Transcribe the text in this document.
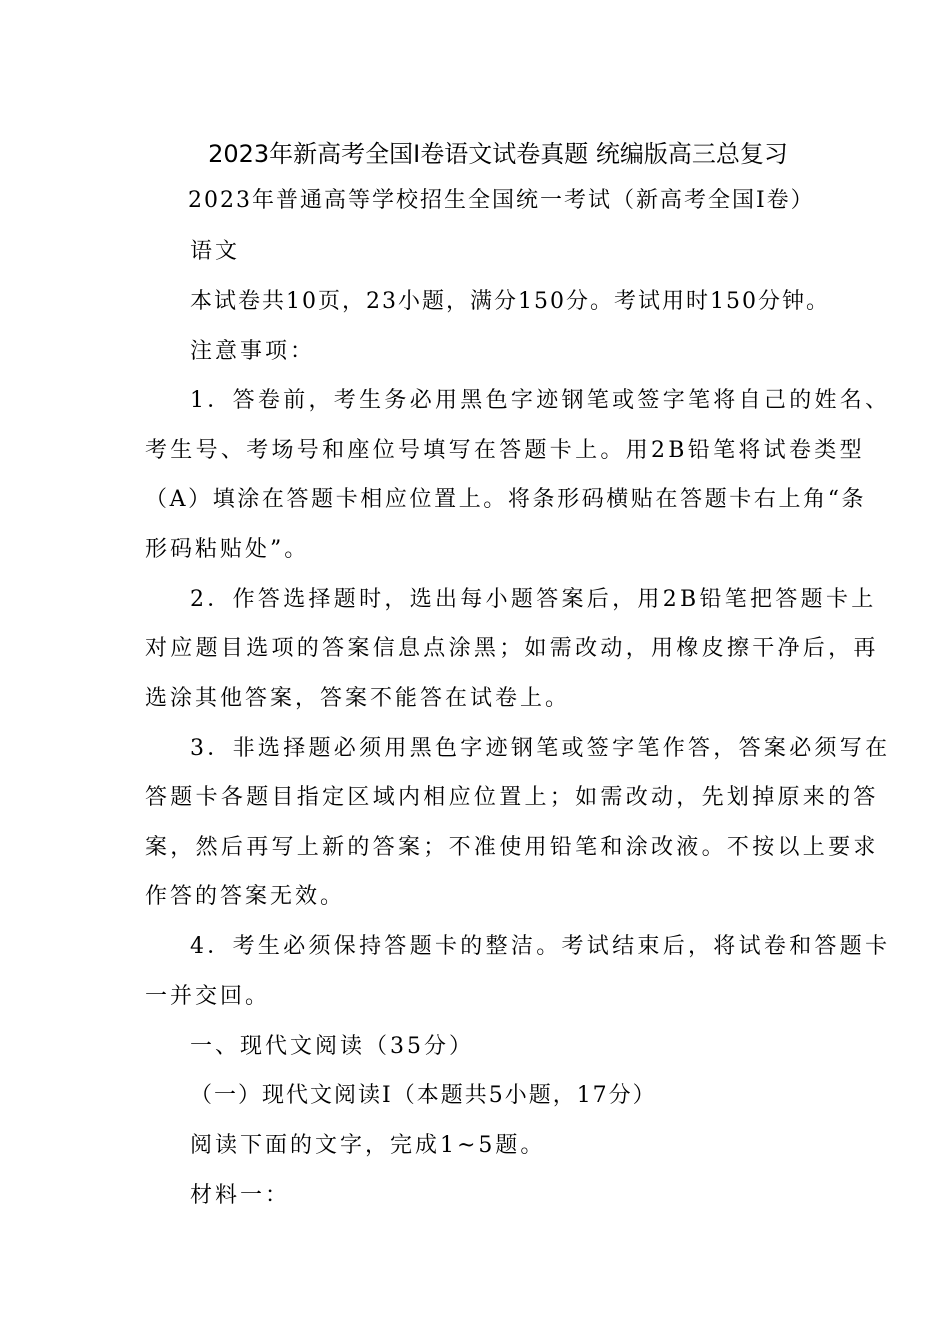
2023年新高考全国Ⅰ卷语文试卷真题 统编版高三总复习
2023年普通高等学校招生全国统一考试（新高考全国Ⅰ卷）
语文
本试卷共10页，23小题，满分150分。考试用时150分钟。
注意事项：
1．答卷前，考生务必用黑色字迹钢笔或签字笔将自己的姓名、
考生号、考场号和座位号填写在答题卡上。用2B铅笔将试卷类型
（A）填涂在答题卡相应位置上。将条形码横贴在答题卡右上角“条
形码粘贴处”。
2．作答选择题时，选出每小题答案后，用2B铅笔把答题卡上
对应题目选项的答案信息点涂黑；如需改动，用橡皮擦干净后，再
选涂其他答案，答案不能答在试卷上。
3．非选择题必须用黑色字迹钢笔或签字笔作答，答案必须写在
答题卡各题目指定区域内相应位置上；如需改动，先划掉原来的答
案，然后再写上新的答案；不准使用铅笔和涂改液。不按以上要求
作答的答案无效。
4．考生必须保持答题卡的整洁。考试结束后，将试卷和答题卡
一并交回。
一、现代文阅读（35分）
（一）现代文阅读Ⅰ（本题共5小题，17分）
阅读下面的文字，完成1~5题。
材料一：
